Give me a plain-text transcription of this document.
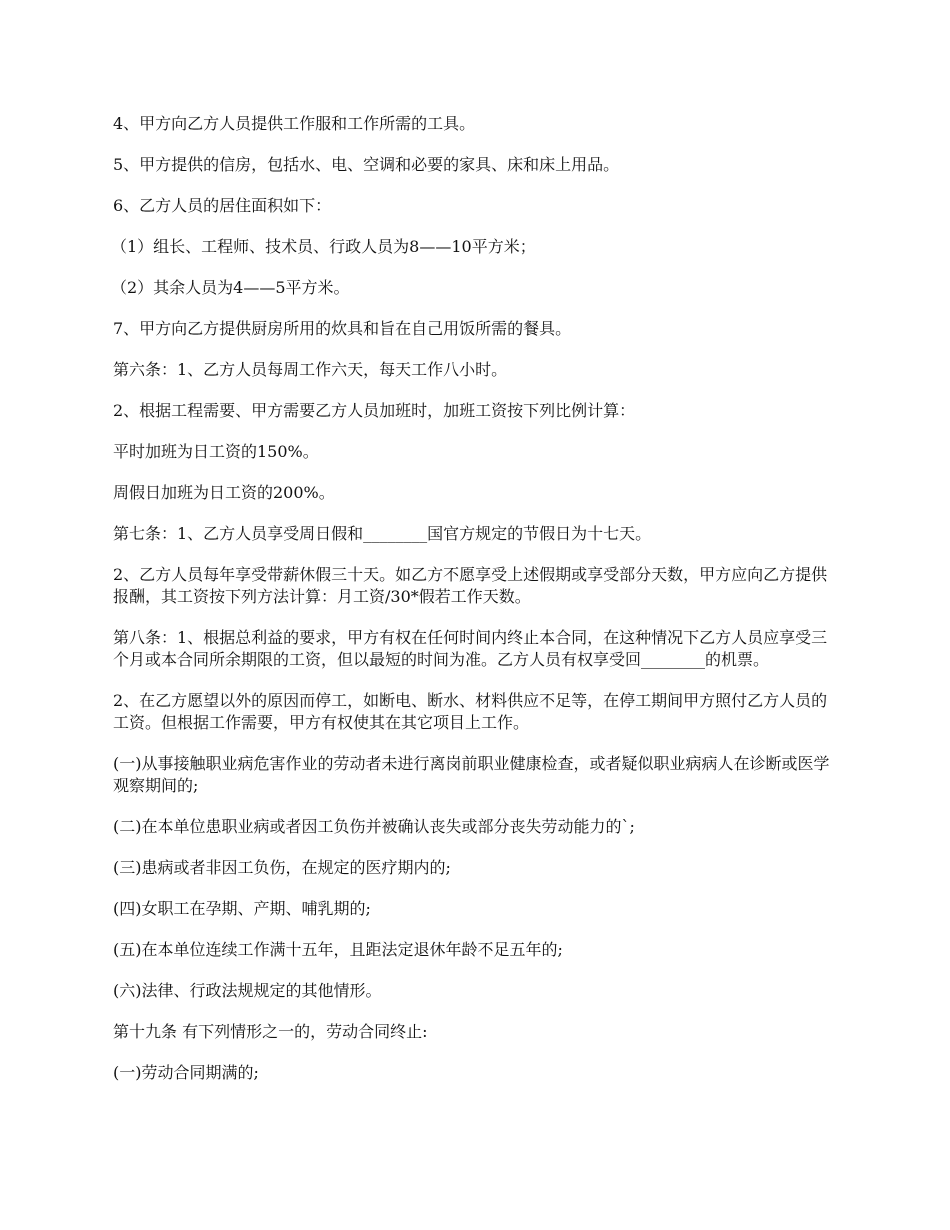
4、甲方向乙方人员提供工作服和工作所需的工具。

5、甲方提供的信房，包括水、电、空调和必要的家具、床和床上用品。

6、乙方人员的居住面积如下：

（1）组长、工程师、技术员、行政人员为8——10平方米；

（2）其余人员为4——5平方米。

7、甲方向乙方提供厨房所用的炊具和旨在自己用饭所需的餐具。

第六条：1、乙方人员每周工作六天，每天工作八小时。

2、根据工程需要、甲方需要乙方人员加班时，加班工资按下列比例计算：

平时加班为日工资的150%。

周假日加班为日工资的200%。

第七条：1、乙方人员享受周日假和________国官方规定的节假日为十七天。

2、乙方人员每年享受带薪休假三十天。如乙方不愿享受上述假期或享受部分天数，甲方应向乙方提供报酬，其工资按下列方法计算：月工资/30*假若工作天数。

第八条：1、根据总利益的要求，甲方有权在任何时间内终止本合同，在这种情况下乙方人员应享受三个月或本合同所余期限的工资，但以最短的时间为准。乙方人员有权享受回________的机票。

2、在乙方愿望以外的原因而停工，如断电、断水、材料供应不足等，在停工期间甲方照付乙方人员的工资。但根据工作需要，甲方有权使其在其它项目上工作。

(一)从事接触职业病危害作业的劳动者未进行离岗前职业健康检查，或者疑似职业病病人在诊断或医学观察期间的;

(二)在本单位患职业病或者因工负伤并被确认丧失或部分丧失劳动能力的`;

(三)患病或者非因工负伤，在规定的医疗期内的;

(四)女职工在孕期、产期、哺乳期的;

(五)在本单位连续工作满十五年，且距法定退休年龄不足五年的;

(六)法律、行政法规规定的其他情形。

第十九条 有下列情形之一的，劳动合同终止:

(一)劳动合同期满的;
